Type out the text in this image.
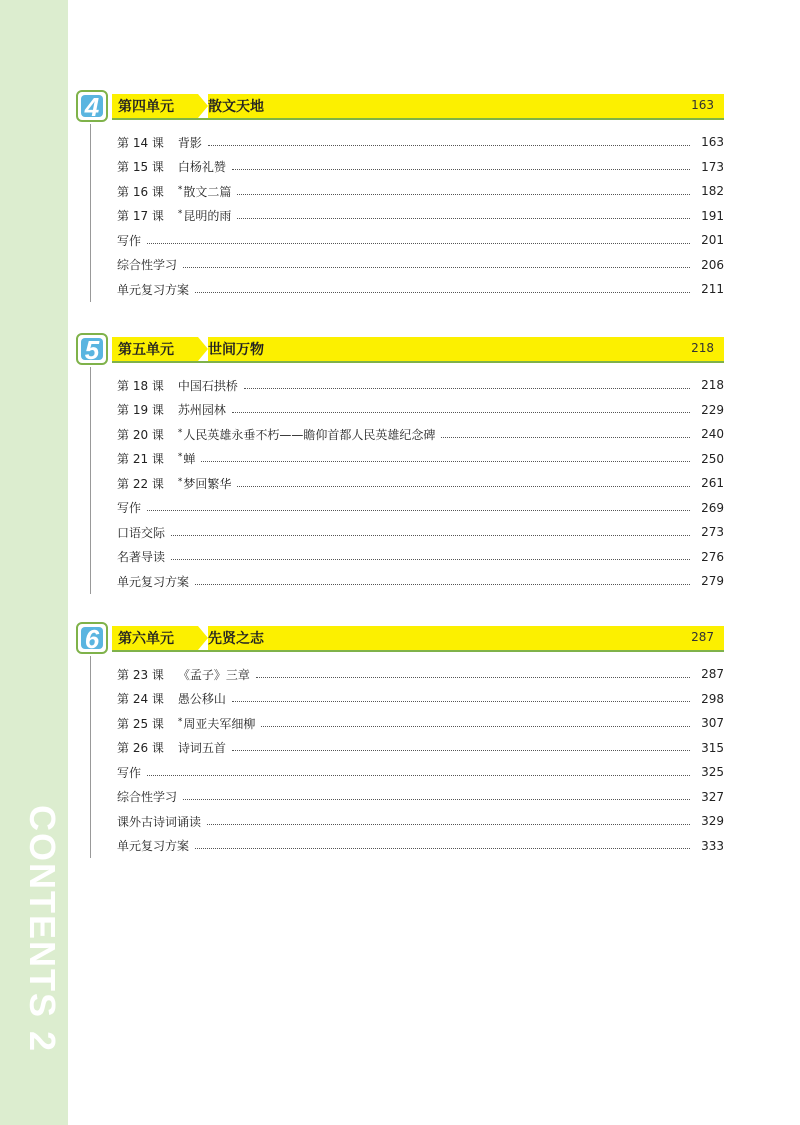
CONTENTS 2
4 第四单元 散文天地	163
第 14 课 背影	163
第 15 课 白杨礼赞	173
第 16 课 *散文二篇	182
第 17 课 *昆明的雨	191
写作	201
综合性学习	206
单元复习方案	211
5 第五单元 世间万物	218
第 18 课 中国石拱桥	218
第 19 课 苏州园林	229
第 20 课 *人民英雄永垂不朽——瞻仰首都人民英雄纪念碑	240
第 21 课 *蝉	250
第 22 课 *梦回繁华	261
写作	269
口语交际	273
名著导读	276
单元复习方案	279
6 第六单元 先贤之志	287
第 23 课 《孟子》三章	287
第 24 课 愚公移山	298
第 25 课 *周亚夫军细柳	307
第 26 课 诗词五首	315
写作	325
综合性学习	327
课外古诗词诵读	329
单元复习方案	333
